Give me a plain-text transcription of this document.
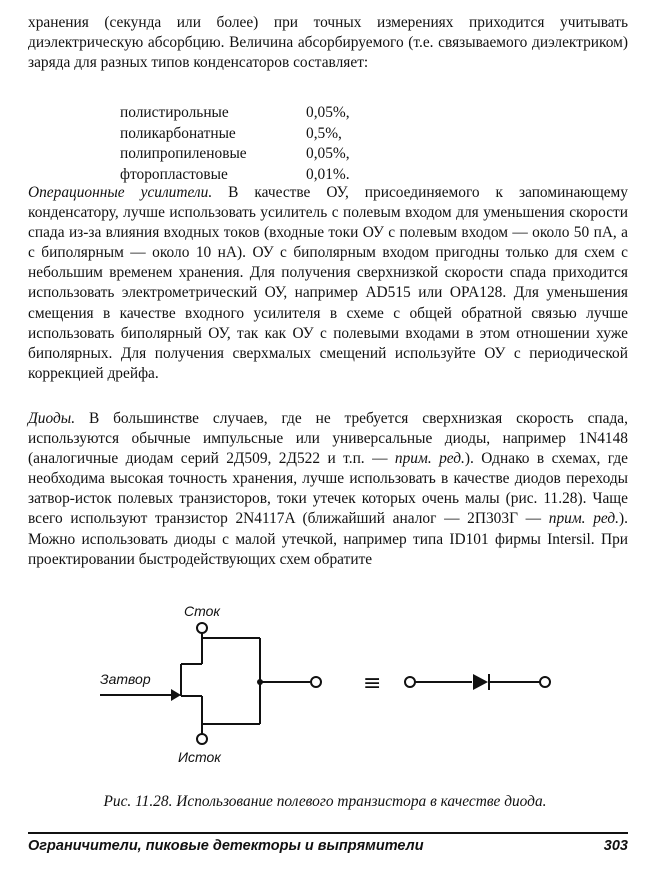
хранения (секунда или более) при точных измерениях приходится учитывать диэлектрическую абсорбцию. Величина абсорбируемого (т.е. связываемого диэлектриком) заряда для разных типов конденсаторов составляет:

полистирольные	0,05%,
поликарбонатные	0,5%,
полипропиленовые	0,05%,
фторопластовые	0,01%.

Операционные усилители. В качестве ОУ, присоединяемого к запоминающему конденсатору, лучше использовать усилитель с полевым входом для уменьшения скорости спада из-за влияния входных токов (входные токи ОУ с полевым входом — около 50 пА, а с биполярным — около 10 нА). ОУ с биполярным входом пригодны только для схем с небольшим временем хранения. Для получения сверхнизкой скорости спада приходится использовать электрометрический ОУ, например AD515 или OPA128. Для уменьшения смещения в качестве входного усилителя в схеме с общей обратной связью лучше использовать биполярный ОУ, так как ОУ с полевыми входами в этом отношении хуже биполярных. Для получения сверхмалых смещений используйте ОУ с периодической коррекцией дрейфа.

Диоды. В большинстве случаев, где не требуется сверхнизкая скорость спада, используются обычные импульсные или универсальные диоды, например 1N4148 (аналогичные диодам серий 2Д509, 2Д522 и т.п. — прим. ред.). Однако в схемах, где необходима высокая точность хранения, лучше использовать в качестве диодов переходы затвор-исток полевых транзисторов, токи утечек которых очень малы (рис. 11.28). Чаще всего используют транзистор 2N4117A (ближайший аналог — 2П303Г — прим. ред.). Можно использовать диоды с малой утечкой, например типа ID101 фирмы Intersil. При проектировании быстродействующих схем обратите

Сток
Затвор
Исток
≡
Рис. 11.28. Использование полевого транзистора в качестве диода.
Ограничители, пиковые детекторы и выпрямители	303
